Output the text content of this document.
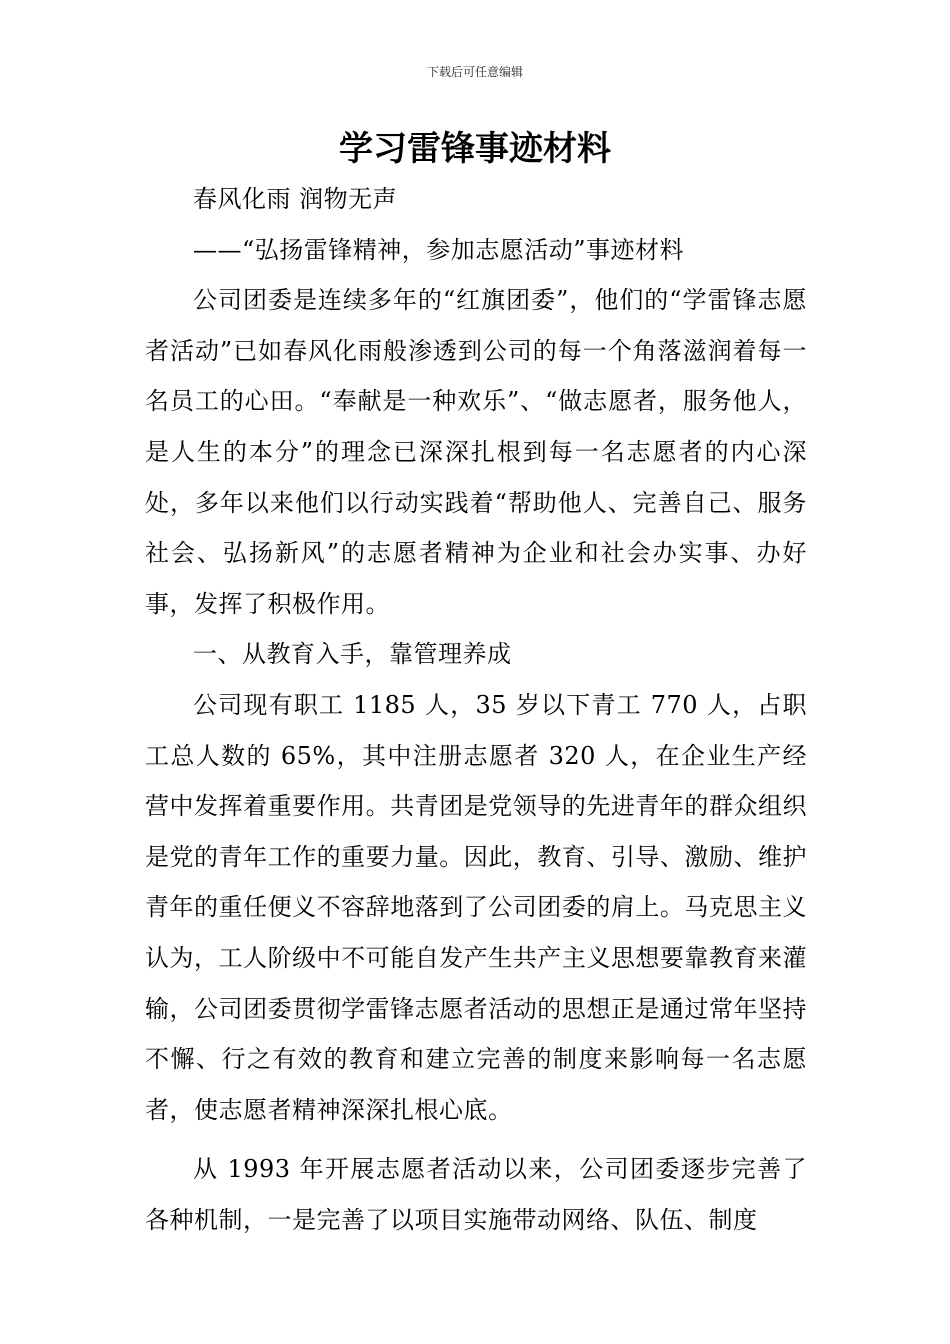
下载后可任意编辑
学习雷锋事迹材料

春风化雨 润物无声

——“弘扬雷锋精神，参加志愿活动”事迹材料

公司团委是连续多年的“红旗团委”，他们的“学雷锋志愿者活动”已如春风化雨般渗透到公司的每一个角落滋润着每一名员工的心田。“奉献是一种欢乐”、“做志愿者，服务他人，是人生的本分”的理念已深深扎根到每一名志愿者的内心深处，多年以来他们以行动实践着“帮助他人、完善自己、服务社会、弘扬新风”的志愿者精神为企业和社会办实事、办好事，发挥了积极作用。

一、从教育入手，靠管理养成

公司现有职工 1185 人，35 岁以下青工 770 人，占职工总人数的 65%，其中注册志愿者 320 人，在企业生产经营中发挥着重要作用。共青团是党领导的先进青年的群众组织是党的青年工作的重要力量。因此，教育、引导、激励、维护青年的重任便义不容辞地落到了公司团委的肩上。马克思主义认为，工人阶级中不可能自发产生共产主义思想要靠教育来灌输，公司团委贯彻学雷锋志愿者活动的思想正是通过常年坚持不懈、行之有效的教育和建立完善的制度来影响每一名志愿者，使志愿者精神深深扎根心底。

从 1993 年开展志愿者活动以来，公司团委逐步完善了各种机制，一是完善了以项目实施带动网络、队伍、制度
